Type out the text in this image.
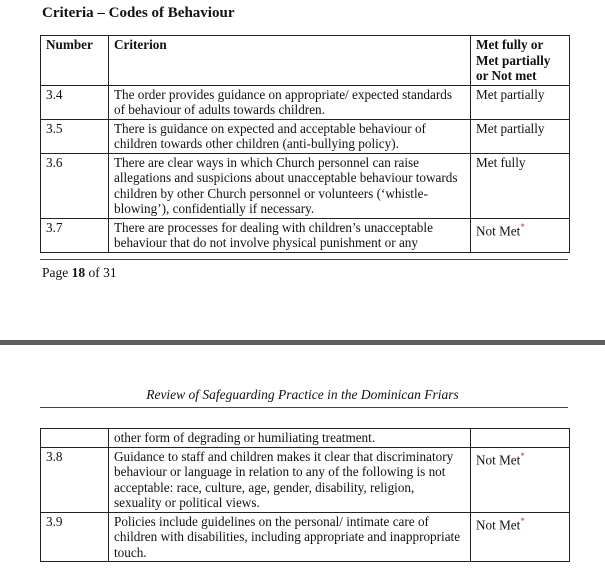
Criteria – Codes of Behaviour
Number	Criterion	Met fully or Met partially or Not met
3.4	The order provides guidance on appropriate/ expected standards of behaviour of adults towards children.	Met partially
3.5	There is guidance on expected and acceptable behaviour of children towards other children (anti-bullying policy).	Met partially
3.6	There are clear ways in which Church personnel can raise allegations and suspicions about unacceptable behaviour towards children by other Church personnel or volunteers (‘whistle-blowing’), confidentially if necessary.	Met fully
3.7	There are processes for dealing with children’s unacceptable behaviour that do not involve physical punishment or any	Not Met*
Page 18 of 31
Review of Safeguarding Practice in the Dominican Friars
	other form of degrading or humiliating treatment.	
3.8	Guidance to staff and children makes it clear that discriminatory behaviour or language in relation to any of the following is not acceptable: race, culture, age, gender, disability, religion, sexuality or political views.	Not Met*
3.9	Policies include guidelines on the personal/ intimate care of children with disabilities, including appropriate and inappropriate touch.	Not Met*
